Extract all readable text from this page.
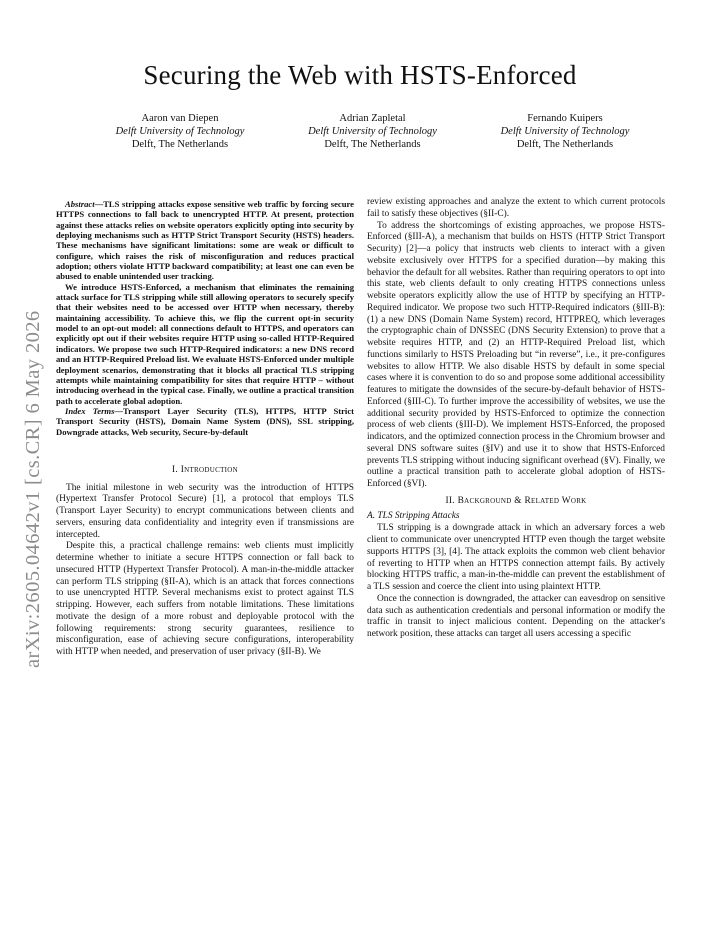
Securing the Web with HSTS-Enforced
Aaron van Diepen
Delft University of Technology
Delft, The Netherlands
Adrian Zapletal
Delft University of Technology
Delft, The Netherlands
Fernando Kuipers
Delft University of Technology
Delft, The Netherlands
arXiv:2605.04642v1 [cs.CR] 6 May 2026

Abstract—TLS stripping attacks expose sensitive web traffic by forcing secure HTTPS connections to fall back to unencrypted HTTP. At present, protection against these attacks relies on website operators explicitly opting into security by deploying mechanisms such as HTTP Strict Transport Security (HSTS) headers. These mechanisms have significant limitations: some are weak or difficult to configure, which raises the risk of misconfiguration and reduces practical adoption; others violate HTTP backward compatibility; at least one can even be abused to enable unintended user tracking.

We introduce HSTS-Enforced, a mechanism that eliminates the remaining attack surface for TLS stripping while still allowing operators to securely specify that their websites need to be accessed over HTTP when necessary, thereby maintaining accessibility. To achieve this, we flip the current opt-in security model to an opt-out model: all connections default to HTTPS, and operators can explicitly opt out if their websites require HTTP using so-called HTTP-Required indicators. We propose two such HTTP-Required indicators: a new DNS record and an HTTP-Required Preload list. We evaluate HSTS-Enforced under multiple deployment scenarios, demonstrating that it blocks all practical TLS stripping attempts while maintaining compatibility for sites that require HTTP – without introducing overhead in the typical case. Finally, we outline a practical transition path to accelerate global adoption.

Index Terms—Transport Layer Security (TLS), HTTPS, HTTP Strict Transport Security (HSTS), Domain Name System (DNS), SSL stripping, Downgrade attacks, Web security, Secure-by-default

I. Introduction

The initial milestone in web security was the introduction of HTTPS (Hypertext Transfer Protocol Secure) [1], a protocol that employs TLS (Transport Layer Security) to encrypt communications between clients and servers, ensuring data confidentiality and integrity even if transmissions are intercepted.

Despite this, a practical challenge remains: web clients must implicitly determine whether to initiate a secure HTTPS connection or fall back to unsecured HTTP (Hypertext Transfer Protocol). A man-in-the-middle attacker can perform TLS stripping (§II-A), which is an attack that forces connections to use unencrypted HTTP. Several mechanisms exist to protect against TLS stripping. However, each suffers from notable limitations. These limitations motivate the design of a more robust and deployable protocol with the following requirements: strong security guarantees, resilience to misconfiguration, ease of achieving secure configurations, interoperability with HTTP when needed, and preservation of user privacy (§II-B). We

review existing approaches and analyze the extent to which current protocols fail to satisfy these objectives (§II-C).

To address the shortcomings of existing approaches, we propose HSTS-Enforced (§III-A), a mechanism that builds on HSTS (HTTP Strict Transport Security) [2]—a policy that instructs web clients to interact with a given website exclusively over HTTPS for a specified duration—by making this behavior the default for all websites. Rather than requiring operators to opt into this state, web clients default to only creating HTTPS connections unless website operators explicitly allow the use of HTTP by specifying an HTTP-Required indicator. We propose two such HTTP-Required indicators (§III-B): (1) a new DNS (Domain Name System) record, HTTPREQ, which leverages the cryptographic chain of DNSSEC (DNS Security Extension) to prove that a website requires HTTP, and (2) an HTTP-Required Preload list, which functions similarly to HSTS Preloading but “in reverse”, i.e., it pre-configures websites to allow HTTP. We also disable HSTS by default in some special cases where it is convention to do so and propose some additional accessibility features to mitigate the downsides of the secure-by-default behavior of HSTS-Enforced (§III-C). To further improve the accessibility of websites, we use the additional security provided by HSTS-Enforced to optimize the connection process of web clients (§III-D). We implement HSTS-Enforced, the proposed indicators, and the optimized connection process in the Chromium browser and several DNS software suites (§IV) and use it to show that HSTS-Enforced prevents TLS stripping without inducing significant overhead (§V). Finally, we outline a practical transition path to accelerate global adoption of HSTS-Enforced (§VI).

II. Background & Related Work
A. TLS Stripping Attacks

TLS stripping is a downgrade attack in which an adversary forces a web client to communicate over unencrypted HTTP even though the target website supports HTTPS [3], [4]. The attack exploits the common web client behavior of reverting to HTTP when an HTTPS connection attempt fails. By actively blocking HTTPS traffic, a man-in-the-middle can prevent the establishment of a TLS session and coerce the client into using plaintext HTTP.

Once the connection is downgraded, the attacker can eavesdrop on sensitive data such as authentication credentials and personal information or modify the traffic in transit to inject malicious content. Depending on the attacker's network position, these attacks can target all users accessing a specific
